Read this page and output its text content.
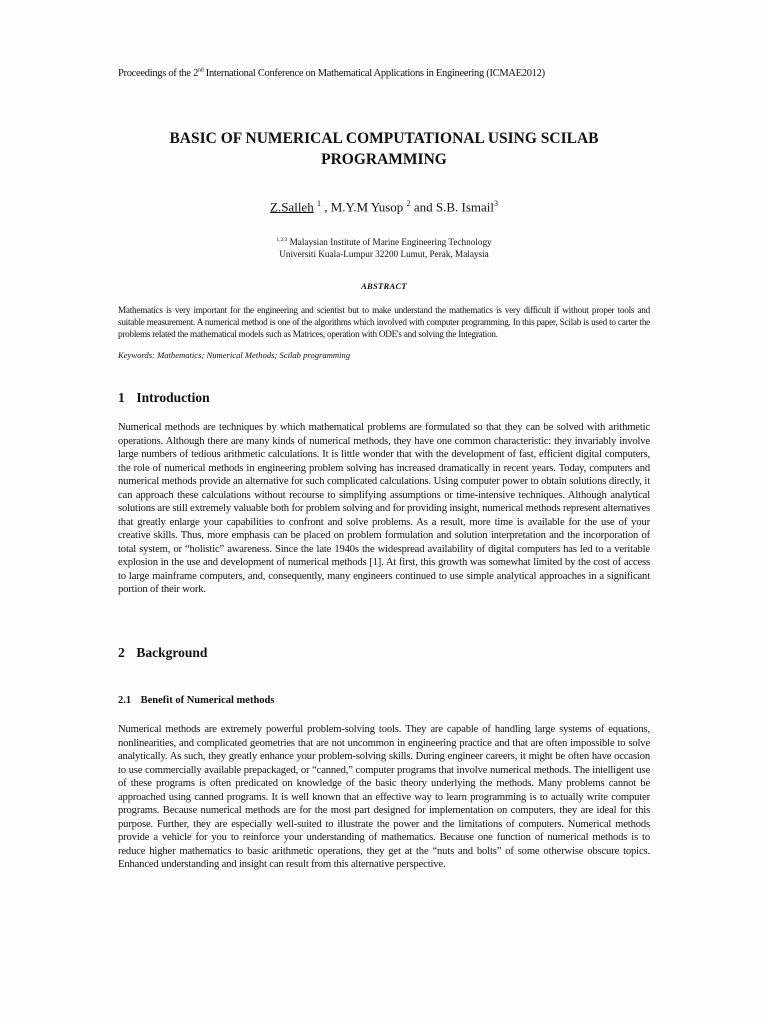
Proceedings of the 2nd International Conference on Mathematical Applications in Engineering (ICMAE2012)
BASIC OF NUMERICAL COMPUTATIONAL USING SCILAB
PROGRAMMING
Z.Salleh $^1$ , M.Y.M Yusop $^2$ and S.B. Ismail$^3$
$^{1,2,3}$ Malaysian Institute of Marine Engineering Technology
Universiti Kuala-Lumpur 32200 Lumut, Perak, Malaysia
ABSTRACT
Mathematics is very important for the engineering and scientist but to make understand the mathematics is very difficult if without proper tools and suitable measurement. A numerical method is one of the algorithms which involved with computer programming. In this paper, Scilab is used to carter the problems related the mathematical models such as Matrices, operation with ODE's and solving the Integration.
Keywords: Mathematics; Numerical Methods; Scilab programming
1 Introduction
Numerical methods are techniques by which mathematical problems are formulated so that they can be solved with arithmetic operations. Although there are many kinds of numerical methods, they have one common characteristic: they invariably involve large numbers of tedious arithmetic calculations. It is little wonder that with the development of fast, efficient digital computers, the role of numerical methods in engineering problem solving has increased dramatically in recent years. Today, computers and numerical methods provide an alternative for such complicated calculations. Using computer power to obtain solutions directly, it can approach these calculations without recourse to simplifying assumptions or time-intensive techniques. Although analytical solutions are still extremely valuable both for problem solving and for providing insight, numerical methods represent alternatives that greatly enlarge your capabilities to confront and solve problems. As a result, more time is available for the use of your creative skills. Thus, more emphasis can be placed on problem formulation and solution interpretation and the incorporation of total system, or “holistic” awareness. Since the late 1940s the widespread availability of digital computers has led to a veritable explosion in the use and development of numerical methods [1]. At first, this growth was somewhat limited by the cost of access to large mainframe computers, and, consequently, many engineers continued to use simple analytical approaches in a significant portion of their work.
2 Background
2.1 Benefit of Numerical methods
Numerical methods are extremely powerful problem-solving tools. They are capable of handling large systems of equations, nonlinearities, and complicated geometries that are not uncommon in engineering practice and that are often impossible to solve analytically. As such, they greatly enhance your problem-solving skills. During engineer careers, it might be often have occasion to use commercially available prepackaged, or “canned,” computer programs that involve numerical methods. The intelligent use of these programs is often predicated on knowledge of the basic theory underlying the methods. Many problems cannot be approached using canned programs. It is well known that an effective way to learn programming is to actually write computer programs. Because numerical methods are for the most part designed for implementation on computers, they are ideal for this purpose. Further, they are especially well-suited to illustrate the power and the limitations of computers. Numerical methods provide a vehicle for you to reinforce your understanding of mathematics. Because one function of numerical methods is to reduce higher mathematics to basic arithmetic operations, they get at the “nuts and bolts” of some otherwise obscure topics. Enhanced understanding and insight can result from this alternative perspective.
